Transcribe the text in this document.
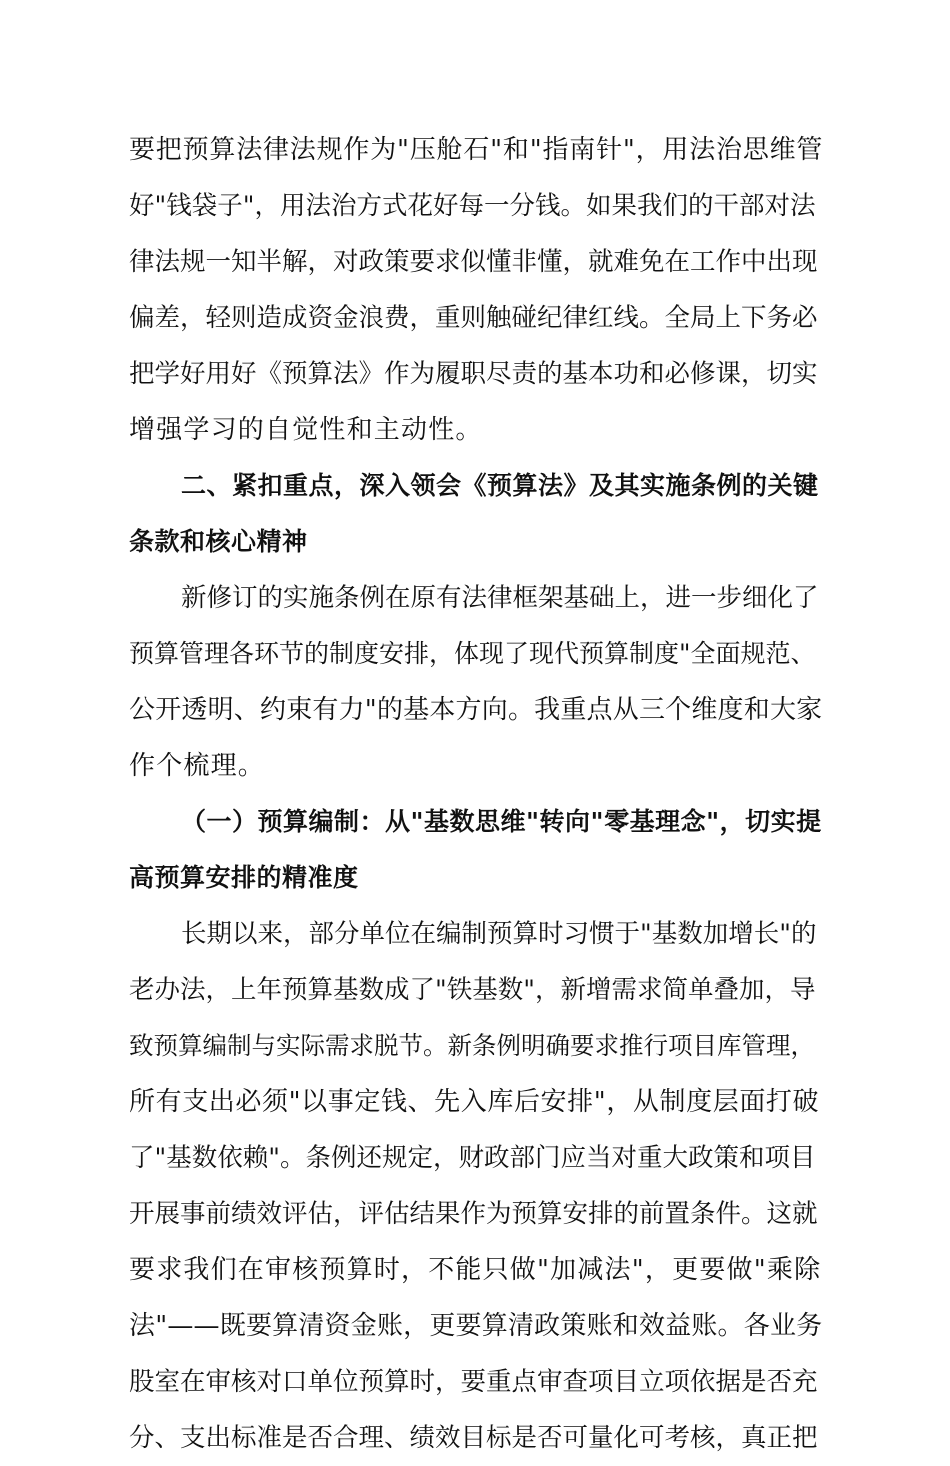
要把预算法律法规作为"压舱石"和"指南针"，用法治思维管
好"钱袋子"，用法治方式花好每一分钱。如果我们的干部对法
律法规一知半解，对政策要求似懂非懂，就难免在工作中出现
偏差，轻则造成资金浪费，重则触碰纪律红线。全局上下务必
把学好用好《预算法》作为履职尽责的基本功和必修课，切实
增强学习的自觉性和主动性。
二、紧扣重点，深入领会《预算法》及其实施条例的关键
条款和核心精神
新修订的实施条例在原有法律框架基础上，进一步细化了
预算管理各环节的制度安排，体现了现代预算制度"全面规范、
公开透明、约束有力"的基本方向。我重点从三个维度和大家
作个梳理。
（一）预算编制：从"基数思维"转向"零基理念"，切实提
高预算安排的精准度
长期以来，部分单位在编制预算时习惯于"基数加增长"的
老办法，上年预算基数成了"铁基数"，新增需求简单叠加，导
致预算编制与实际需求脱节。新条例明确要求推行项目库管理，
所有支出必须"以事定钱、先入库后安排"，从制度层面打破
了"基数依赖"。条例还规定，财政部门应当对重大政策和项目
开展事前绩效评估，评估结果作为预算安排的前置条件。这就
要求我们在审核预算时，不能只做"加减法"，更要做"乘除
法"——既要算清资金账，更要算清政策账和效益账。各业务
股室在审核对口单位预算时，要重点审查项目立项依据是否充
分、支出标准是否合理、绩效目标是否可量化可考核，真正把
